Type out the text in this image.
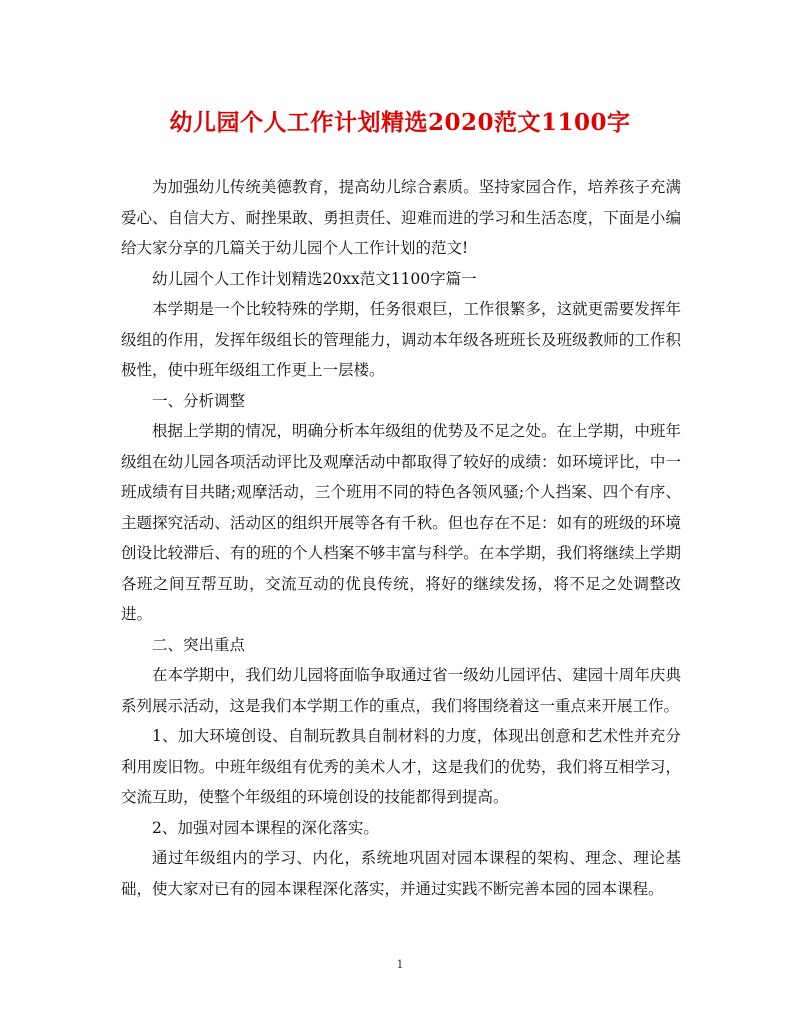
幼儿园个人工作计划精选2020范文1100字

为加强幼儿传统美德教育，提高幼儿综合素质。坚持家园合作，培养孩子充满爱心、自信大方、耐挫果敢、勇担责任、迎难而进的学习和生活态度，下面是小编给大家分享的几篇关于幼儿园个人工作计划的范文!

幼儿园个人工作计划精选20xx范文1100字篇一

本学期是一个比较特殊的学期，任务很艰巨，工作很繁多，这就更需要发挥年级组的作用，发挥年级组长的管理能力，调动本年级各班班长及班级教师的工作积极性，使中班年级组工作更上一层楼。

一、分析调整

根据上学期的情况，明确分析本年级组的优势及不足之处。在上学期，中班年级组在幼儿园各项活动评比及观摩活动中都取得了较好的成绩：如环境评比，中一班成绩有目共睹;观摩活动，三个班用不同的特色各领风骚;个人挡案、四个有序、主题探究活动、活动区的组织开展等各有千秋。但也存在不足：如有的班级的环境创设比较滞后、有的班的个人档案不够丰富与科学。在本学期，我们将继续上学期各班之间互帮互助，交流互动的优良传统，将好的继续发扬，将不足之处调整改进。

二、突出重点

在本学期中，我们幼儿园将面临争取通过省一级幼儿园评估、建园十周年庆典系列展示活动，这是我们本学期工作的重点，我们将围绕着这一重点来开展工作。

1、加大环境创设、自制玩教具自制材料的力度，体现出创意和艺术性并充分利用废旧物。中班年级组有优秀的美术人才，这是我们的优势，我们将互相学习，交流互助，使整个年级组的环境创设的技能都得到提高。

2、加强对园本课程的深化落实。

通过年级组内的学习、内化，系统地巩固对园本课程的架构、理念、理论基础，使大家对已有的园本课程深化落实，并通过实践不断完善本园的园本课程。

1
